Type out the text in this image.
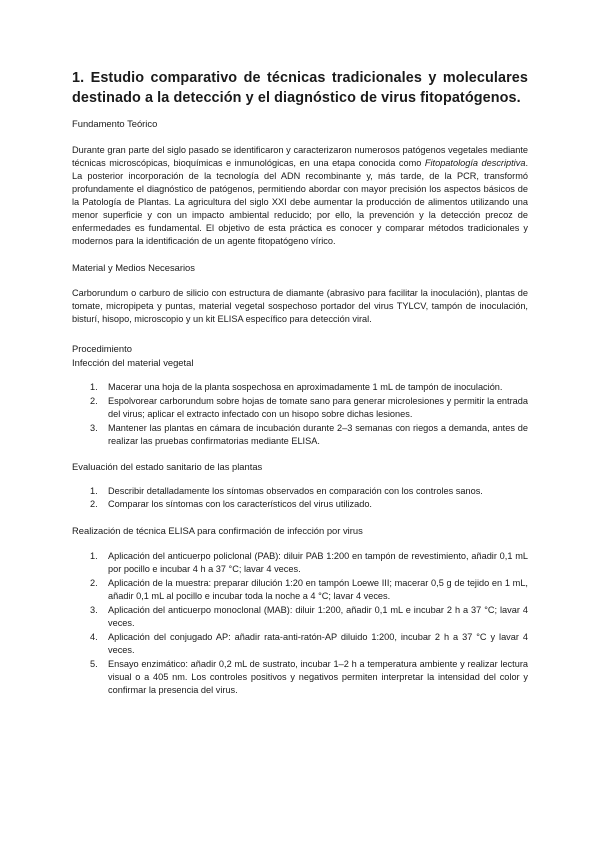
1. Estudio comparativo de técnicas tradicionales y moleculares destinado a la detección y el diagnóstico de virus fitopatógenos.
Fundamento Teórico

Durante gran parte del siglo pasado se identificaron y caracterizaron numerosos patógenos vegetales mediante técnicas microscópicas, bioquímicas e inmunológicas, en una etapa conocida como Fitopatología descriptiva. La posterior incorporación de la tecnología del ADN recombinante y, más tarde, de la PCR, transformó profundamente el diagnóstico de patógenos, permitiendo abordar con mayor precisión los aspectos básicos de la Patología de Plantas. La agricultura del siglo XXI debe aumentar la producción de alimentos utilizando una menor superficie y con un impacto ambiental reducido; por ello, la prevención y la detección precoz de enfermedades es fundamental. El objetivo de esta práctica es conocer y comparar métodos tradicionales y modernos para la identificación de un agente fitopatógeno vírico.

Material y Medios Necesarios

Carborundum o carburo de silicio con estructura de diamante (abrasivo para facilitar la inoculación), plantas de tomate, micropipeta y puntas, material vegetal sospechoso portador del virus TYLCV, tampón de inoculación, bisturí, hisopo, microscopio y un kit ELISA específico para detección viral.

Procedimiento
Infección del material vegetal
1. Macerar una hoja de la planta sospechosa en aproximadamente 1 mL de tampón de inoculación.
2. Espolvorear carborundum sobre hojas de tomate sano para generar microlesiones y permitir la entrada del virus; aplicar el extracto infectado con un hisopo sobre dichas lesiones.
3. Mantener las plantas en cámara de incubación durante 2–3 semanas con riegos a demanda, antes de realizar las pruebas confirmatorias mediante ELISA.
Evaluación del estado sanitario de las plantas
1. Describir detalladamente los síntomas observados en comparación con los controles sanos.
2. Comparar los síntomas con los característicos del virus utilizado.
Realización de técnica ELISA para confirmación de infección por virus
1. Aplicación del anticuerpo policlonal (PAB): diluir PAB 1:200 en tampón de revestimiento, añadir 0,1 mL por pocillo e incubar 4 h a 37 °C; lavar 4 veces.
2. Aplicación de la muestra: preparar dilución 1:20 en tampón Loewe III; macerar 0,5 g de tejido en 1 mL, añadir 0,1 mL al pocillo e incubar toda la noche a 4 °C; lavar 4 veces.
3. Aplicación del anticuerpo monoclonal (MAB): diluir 1:200, añadir 0,1 mL e incubar 2 h a 37 °C; lavar 4 veces.
4. Aplicación del conjugado AP: añadir rata-anti-ratón-AP diluido 1:200, incubar 2 h a 37 °C y lavar 4 veces.
5. Ensayo enzimático: añadir 0,2 mL de sustrato, incubar 1–2 h a temperatura ambiente y realizar lectura visual o a 405 nm. Los controles positivos y negativos permiten interpretar la intensidad del color y confirmar la presencia del virus.
